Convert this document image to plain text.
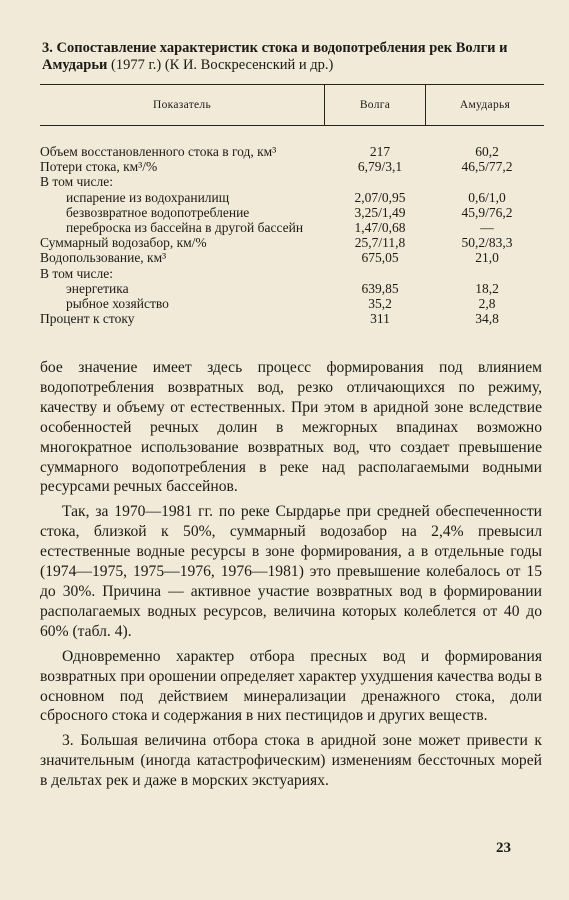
3. Сопоставление характеристик стока и водопотребления рек Волги и Амударьи (1977 г.) (К И. Воскресенский и др.)
Показатель	Волга	Амударья
Объем восстановленного стока в год, км³	217	60,2
Потери стока, км³/%	6,79/3,1	46,5/77,2
В том числе:
испарение из водохранилищ	2,07/0,95	0,6/1,0
безвозвратное водопотребление	3,25/1,49	45,9/76,2
переброска из бассейна в другой бассейн	1,47/0,68	—
Суммарный водозабор, км/%	25,7/11,8	50,2/83,3
Водопользование, км³	675,05	21,0
В том числе:
энергетика	639,85	18,2
рыбное хозяйство	35,2	2,8
Процент к стоку	311	34,8

бое значение имеет здесь процесс формирования под влиянием водопотребления возвратных вод, резко отличающихся по режиму, качеству и объему от естественных. При этом в аридной зоне вследствие особенностей речных долин в межгорных впадинах возможно многократное использование возвратных вод, что создает превышение суммарного водопотребления в реке над располагаемыми водными ресурсами речных бассейнов.

Так, за 1970—1981 гг. по реке Сырдарье при средней обеспеченности стока, близкой к 50%, суммарный водозабор на 2,4% превысил естественные водные ресурсы в зоне формирования, а в отдельные годы (1974—1975, 1975—1976, 1976—1981) это превышение колебалось от 15 до 30%. Причина — активное участие возвратных вод в формировании располагаемых водных ресурсов, величина которых колеблется от 40 до 60% (табл. 4).

Одновременно характер отбора пресных вод и формирования возвратных при орошении определяет характер ухудшения качества воды в основном под действием минерализации дренажного стока, доли сбросного стока и содержания в них пестицидов и других веществ.

3. Большая величина отбора стока в аридной зоне может привести к значительным (иногда катастрофическим) изменениям бессточных морей в дельтах рек и даже в морских экстуариях.

23
